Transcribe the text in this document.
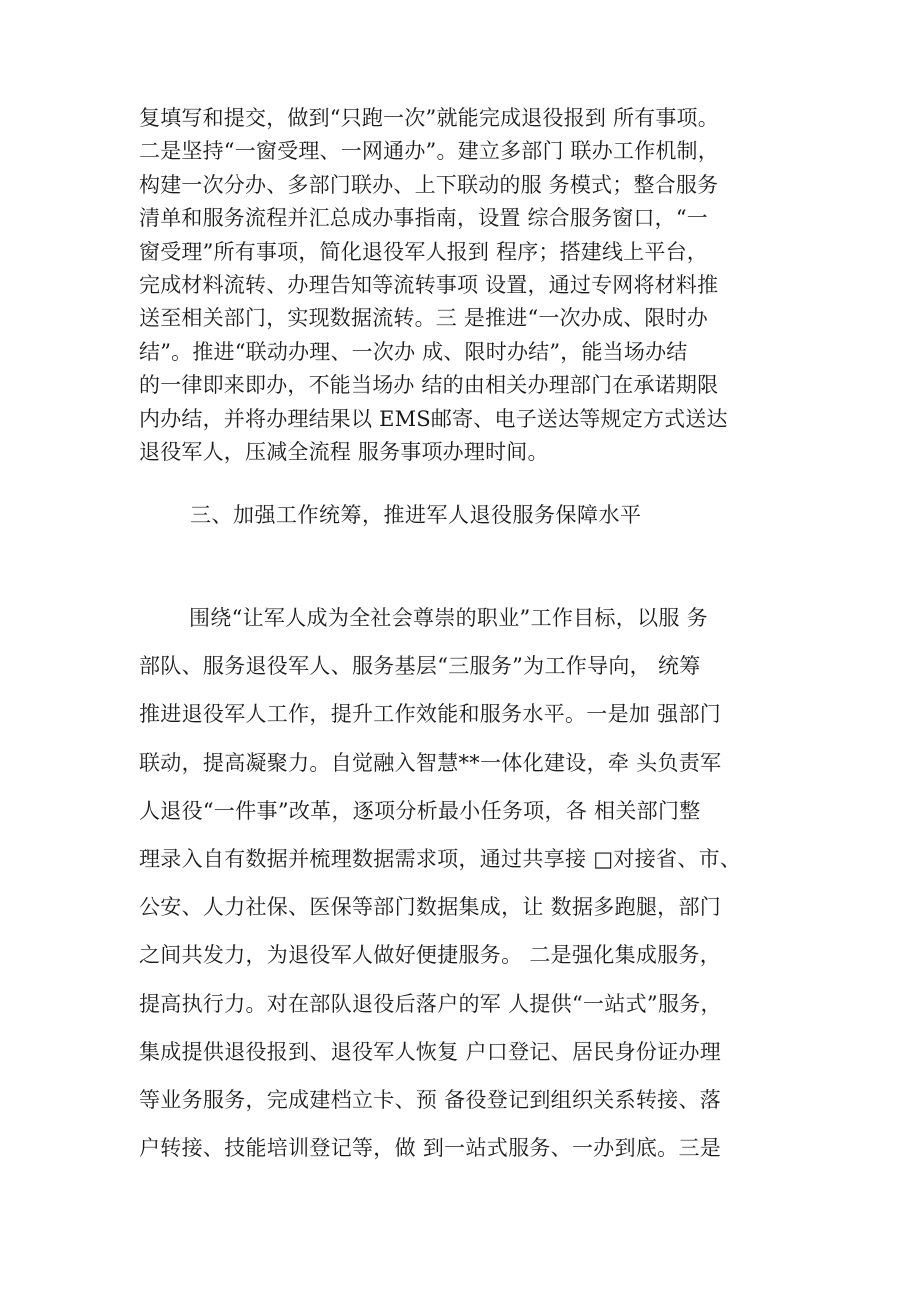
复填写和提交，做到“只跑一次”就能完成退役报到 所有事项。
二是坚持“一窗受理、一网通办”。建立多部门 联办工作机制，
构建一次分办、多部门联办、上下联动的服 务模式；整合服务
清单和服务流程并汇总成办事指南，设置 综合服务窗口，“一
窗受理”所有事项，简化退役军人报到 程序；搭建线上平台，
完成材料流转、办理告知等流转事项 设置，通过专网将材料推
送至相关部门，实现数据流转。三 是推进“一次办成、限时办
结”。推进“联动办理、一次办 成、限时办结”，能当场办结
的一律即来即办，不能当场办 结的由相关办理部门在承诺期限
内办结，并将办理结果以 EMS邮寄、电子送达等规定方式送达
退役军人，压减全流程 服务事项办理时间。
三、加强工作统筹，推进军人退役服务保障水平
围绕“让军人成为全社会尊崇的职业”工作目标，以服 务
部队、服务退役军人、服务基层“三服务”为工作导向， 统筹
推进退役军人工作，提升工作效能和服务水平。一是加 强部门
联动，提高凝聚力。自觉融入智慧**一体化建设，牵 头负责军
人退役“一件事”改革，逐项分析最小任务项，各 相关部门整
理录入自有数据并梳理数据需求项，通过共享接 □对接省、市、
公安、人力社保、医保等部门数据集成，让 数据多跑腿，部门
之间共发力，为退役军人做好便捷服务。 二是强化集成服务，
提高执行力。对在部队退役后落户的军 人提供“一站式”服务，
集成提供退役报到、退役军人恢复 户口登记、居民身份证办理
等业务服务，完成建档立卡、预 备役登记到组织关系转接、落
户转接、技能培训登记等，做 到一站式服务、一办到底。三是
